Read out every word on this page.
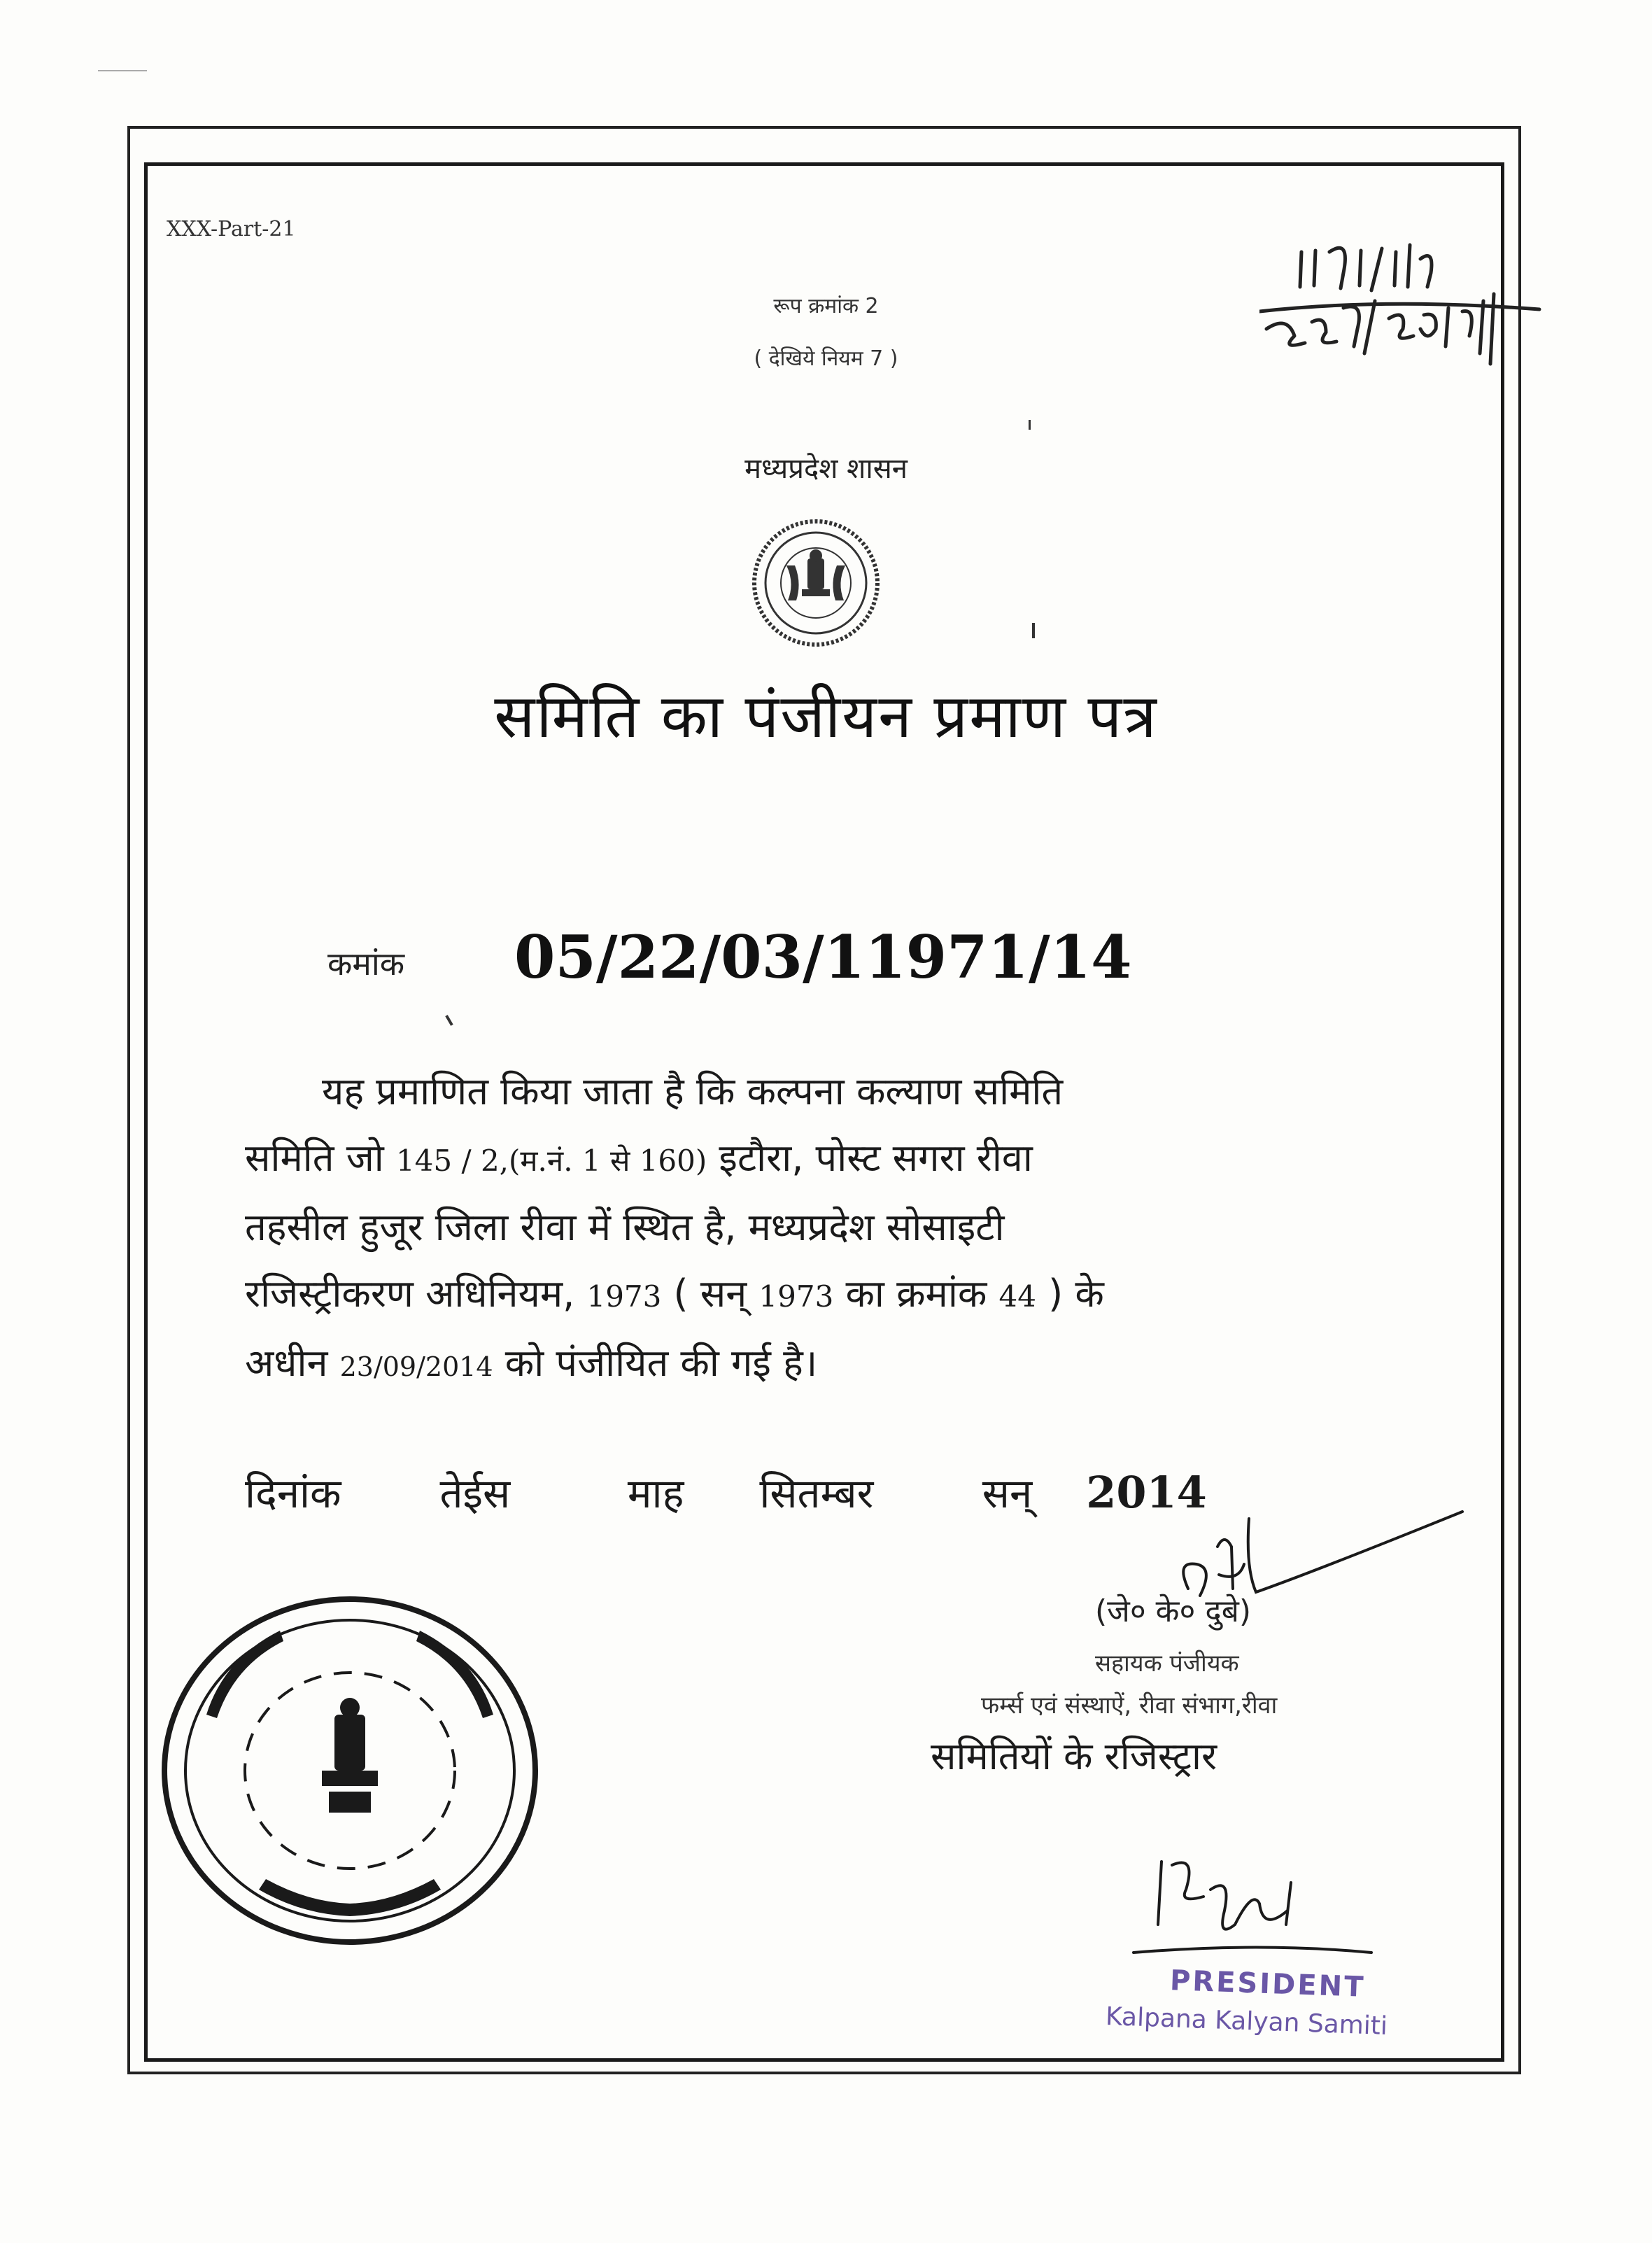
XXX-Part-21
रूप क्रमांक 2
( देखिये नियम 7 )
मध्यप्रदेश शासन
समिति का पंजीयन प्रमाण पत्र
कमांक 05/22/03/11971/14
यह प्रमाणित किया जाता है कि कल्पना कल्याण समिति
समिति जो 145 / 2,(म.नं. 1 से 160) इटौरा, पोस्ट सगरा रीवा
तहसील हुजूर जिला रीवा में स्थित है, मध्यप्रदेश सोसाइटी
रजिस्ट्रीकरण अधिनियम, 1973 ( सन् 1973 का क्रमांक 44 ) के
अधीन 23/09/2014 को पंजीयित की गई है।
दिनांक तेईस	माह सितम्बर	सन् 2014
(जे० के० दुबे)
सहायक पंजीयक
फर्म्स एवं संस्थाऐं, रीवा संभाग,रीवा
समितियों के रजिस्ट्रार
PRESIDENT
Kalpana Kalyan Samiti
